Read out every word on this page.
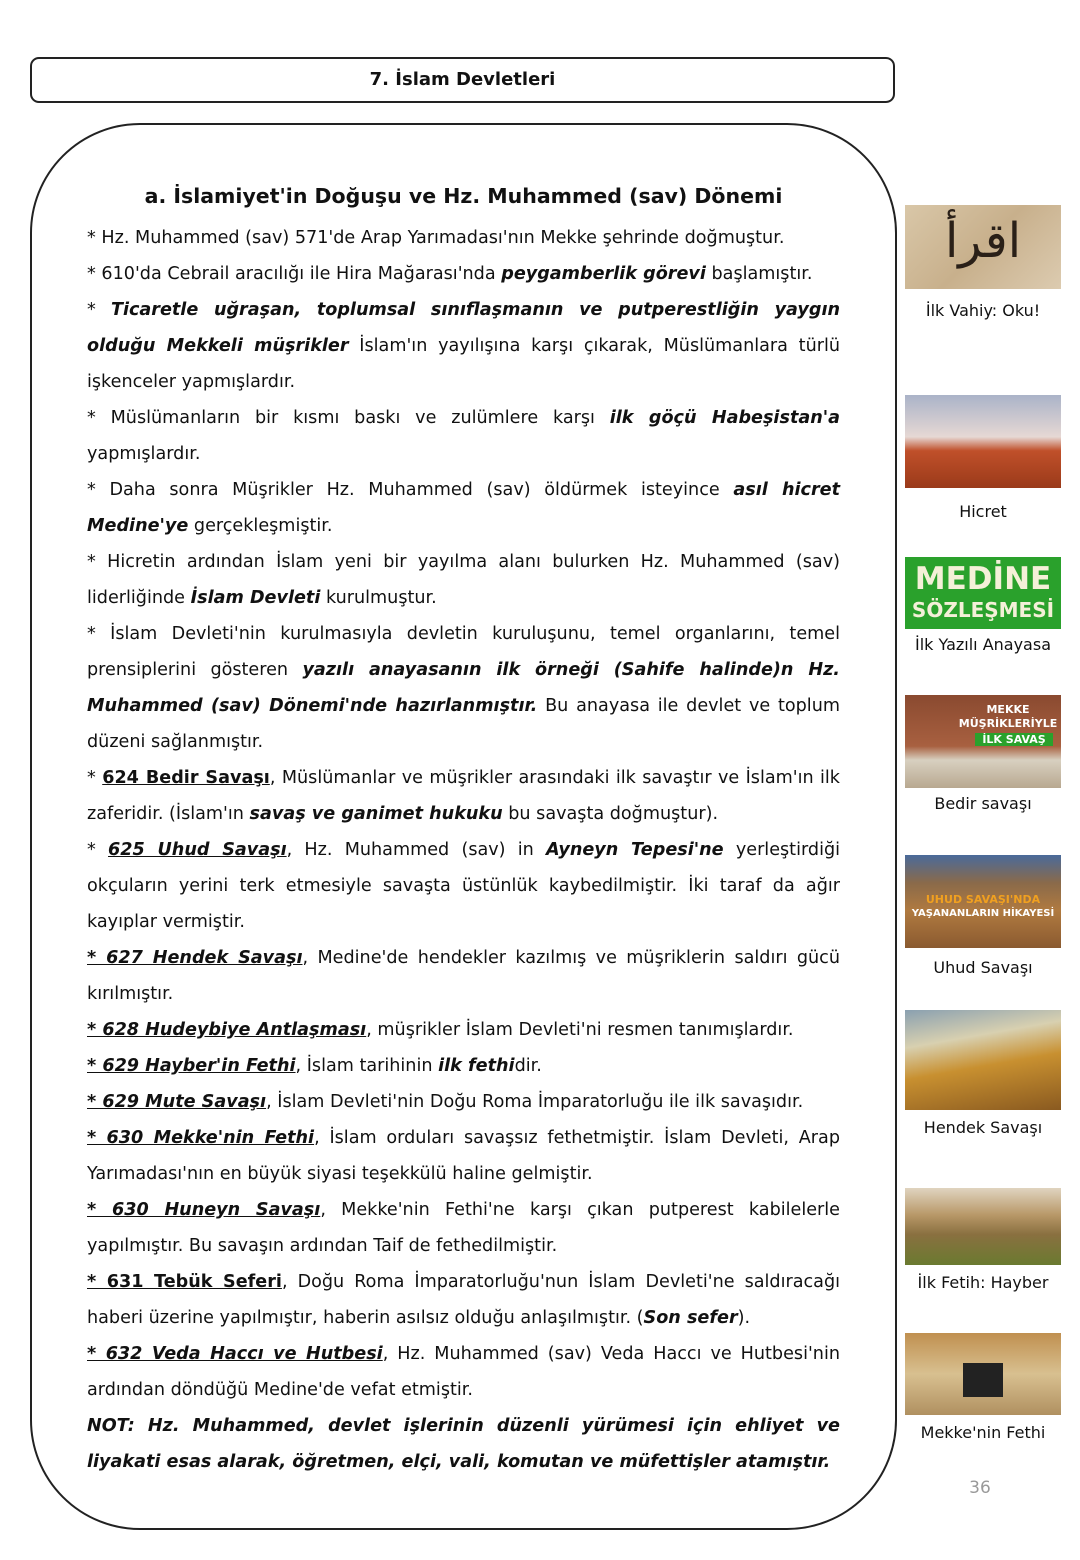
7. İslam Devletleri
a. İslamiyet'in Doğuşu ve Hz. Muhammed (sav) Dönemi

* Hz. Muhammed (sav) 571'de Arap Yarımadası'nın Mekke şehrinde doğmuştur.

* 610'da Cebrail aracılığı ile Hira Mağarası'nda peygamberlik görevi başlamıştır.

* Ticaretle uğraşan, toplumsal sınıflaşmanın ve putperestliğin yaygın olduğu Mekkeli müşrikler İslam'ın yayılışına karşı çıkarak, Müslümanlara türlü işkenceler yapmışlardır.

* Müslümanların bir kısmı baskı ve zulümlere karşı ilk göçü Habeşistan'a yapmışlardır.

* Daha sonra Müşrikler Hz. Muhammed (sav) öldürmek isteyince asıl hicret Medine'ye gerçekleşmiştir.

* Hicretin ardından İslam yeni bir yayılma alanı bulurken Hz. Muhammed (sav) liderliğinde İslam Devleti kurulmuştur.

* İslam Devleti'nin kurulmasıyla devletin kuruluşunu, temel organlarını, temel prensiplerini gösteren yazılı anayasanın ilk örneği (Sahife halinde)n Hz. Muhammed (sav) Dönemi'nde hazırlanmıştır. Bu anayasa ile devlet ve toplum düzeni sağlanmıştır.

* 624 Bedir Savaşı, Müslümanlar ve müşrikler arasındaki ilk savaştır ve İslam'ın ilk zaferidir. (İslam'ın savaş ve ganimet hukuku bu savaşta doğmuştur).

* 625 Uhud Savaşı, Hz. Muhammed (sav) in Ayneyn Tepesi'ne yerleştirdiği okçuların yerini terk etmesiyle savaşta üstünlük kaybedilmiştir. İki taraf da ağır kayıplar vermiştir.

* 627 Hendek Savaşı, Medine'de hendekler kazılmış ve müşriklerin saldırı gücü kırılmıştır.

* 628 Hudeybiye Antlaşması, müşrikler İslam Devleti'ni resmen tanımışlardır.

* 629 Hayber'in Fethi, İslam tarihinin ilk fethidir.

* 629 Mute Savaşı, İslam Devleti'nin Doğu Roma İmparatorluğu ile ilk savaşıdır.

* 630 Mekke'nin Fethi, İslam orduları savaşsız fethetmiştir. İslam Devleti, Arap Yarımadası'nın en büyük siyasi teşekkülü haline gelmiştir.

* 630 Huneyn Savaşı, Mekke'nin Fethi'ne karşı çıkan putperest kabilelerle yapılmıştır. Bu savaşın ardından Taif de fethedilmiştir.

* 631 Tebük Seferi, Doğu Roma İmparatorluğu'nun İslam Devleti'ne saldıracağı haberi üzerine yapılmıştır, haberin asılsız olduğu anlaşılmıştır. (Son sefer).

* 632 Veda Haccı ve Hutbesi, Hz. Muhammed (sav) Veda Haccı ve Hutbesi'nin ardından döndüğü Medine'de vefat etmiştir.

NOT: Hz. Muhammed, devlet işlerinin düzenli yürümesi için ehliyet ve liyakati esas alarak, öğretmen, elçi, vali, komutan ve müfettişler atamıştır.

اقرأ
İlk Vahiy: Oku!
Hicret
MEDİNE
SÖZLEŞMESİ
İlk Yazılı Anayasa
MEKKE MÜŞRİKLERİYLE
İLK SAVAŞ
Bedir savaşı
UHUD SAVAŞI'NDA
YAŞANANLARIN HİKAYESİ
Uhud Savaşı
Hendek Savaşı
İlk Fetih: Hayber
Mekke'nin Fethi
36
